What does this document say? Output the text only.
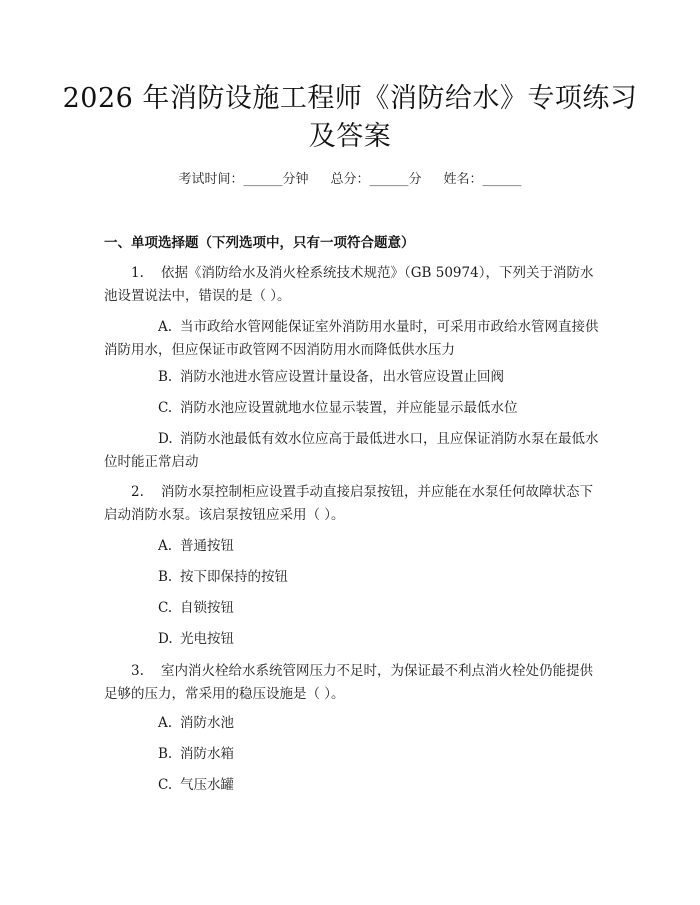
2026 年消防设施工程师《消防给水》专项练习及答案
考试时间：______分钟 总分：______分 姓名：______
一、单项选择题（下列选项中，只有一项符合题意）
1. 依据《消防给水及消火栓系统技术规范》（GB 50974），下列关于消防水池设置说法中，错误的是（ ）。
A. 当市政给水管网能保证室外消防用水量时，可采用市政给水管网直接供消防用水，但应保证市政管网不因消防用水而降低供水压力
B. 消防水池进水管应设置计量设备，出水管应设置止回阀
C. 消防水池应设置就地水位显示装置，并应能显示最低水位
D. 消防水池最低有效水位应高于最低进水口，且应保证消防水泵在最低水位时能正常启动
2. 消防水泵控制柜应设置手动直接启泵按钮，并应能在水泵任何故障状态下启动消防水泵。该启泵按钮应采用（ ）。
A. 普通按钮
B. 按下即保持的按钮
C. 自锁按钮
D. 光电按钮
3. 室内消火栓给水系统管网压力不足时，为保证最不利点消火栓处仍能提供足够的压力，常采用的稳压设施是（ ）。
A. 消防水池
B. 消防水箱
C. 气压水罐
